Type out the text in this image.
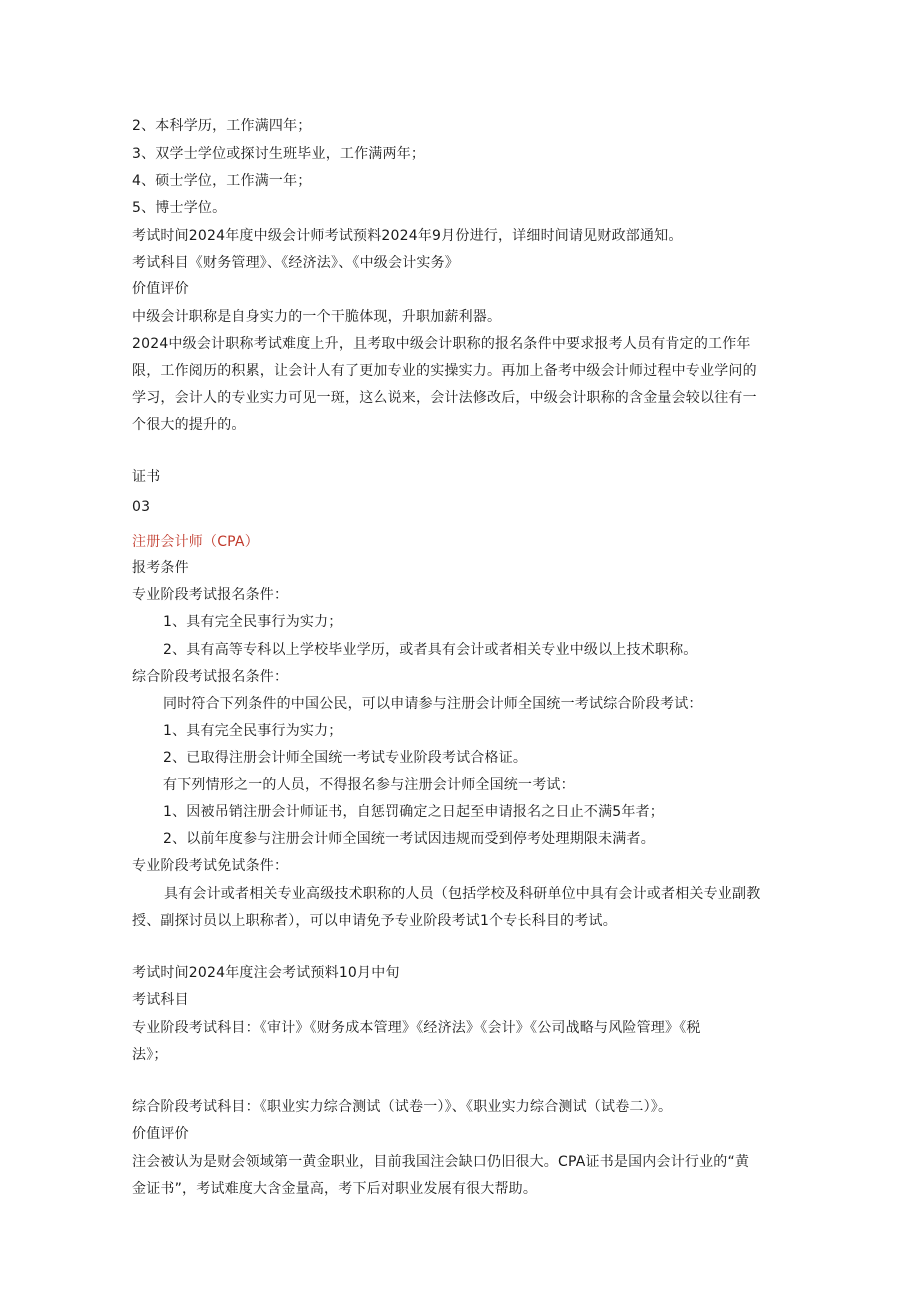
2、本科学历，工作满四年；
3、双学士学位或探讨生班毕业，工作满两年；
4、硕士学位，工作满一年；
5、博士学位。
考试时间2024年度中级会计师考试预料2024年9月份进行，详细时间请见财政部通知。
考试科目《财务管理》、《经济法》、《中级会计实务》
价值评价
中级会计职称是自身实力的一个干脆体现，升职加薪利器。
2024中级会计职称考试难度上升，且考取中级会计职称的报名条件中要求报考人员有肯定的工作年
限，工作阅历的积累，让会计人有了更加专业的实操实力。再加上备考中级会计师过程中专业学问的
学习，会计人的专业实力可见一斑，这么说来，会计法修改后，中级会计职称的含金量会较以往有一
个很大的提升的。
证书
03
注册会计师（CPA）
报考条件
专业阶段考试报名条件：
1、具有完全民事行为实力；
2、具有高等专科以上学校毕业学历，或者具有会计或者相关专业中级以上技术职称。
综合阶段考试报名条件：
同时符合下列条件的中国公民，可以申请参与注册会计师全国统一考试综合阶段考试：
1、具有完全民事行为实力；
2、已取得注册会计师全国统一考试专业阶段考试合格证。
有下列情形之一的人员，不得报名参与注册会计师全国统一考试：
1、因被吊销注册会计师证书，自惩罚确定之日起至申请报名之日止不满5年者；
2、以前年度参与注册会计师全国统一考试因违规而受到停考处理期限未满者。
专业阶段考试免试条件：
具有会计或者相关专业高级技术职称的人员（包括学校及科研单位中具有会计或者相关专业副教
授、副探讨员以上职称者），可以申请免予专业阶段考试1个专长科目的考试。
考试时间2024年度注会考试预料10月中旬
考试科目
专业阶段考试科目：《审计》《财务成本管理》《经济法》《会计》《公司战略与风险管理》《税
法》；
综合阶段考试科目：《职业实力综合测试（试卷一）》、《职业实力综合测试（试卷二）》。
价值评价
注会被认为是财会领域第一黄金职业，目前我国注会缺口仍旧很大。CPA证书是国内会计行业的“黄
金证书”，考试难度大含金量高，考下后对职业发展有很大帮助。
